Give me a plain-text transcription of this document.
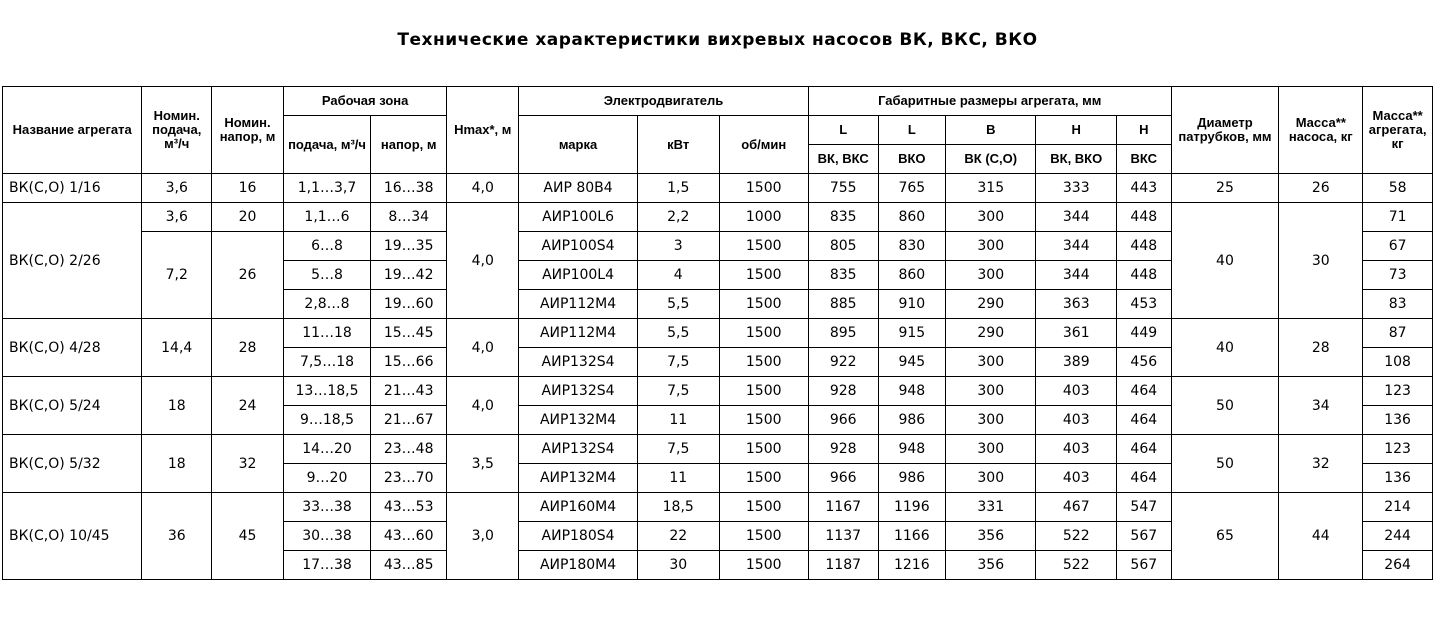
Технические характеристики вихревых насосов ВК, ВКС, ВКО
Название агрегата	Номин. подача, м³/ч	Номин. напор, м	Рабочая зона		Hmax*, м	Электродвигатель			Габаритные размеры агрегата, мм					Диаметр патрубков, мм	Масса** насоса, кг	Масса** агрегата, кг
			подача, м³/ч	напор, м		марка	кВт	об/мин	L	L	B	H	H			
									ВК, ВКС	ВКО	ВК (С,О)	ВК, ВКО	ВКС			
ВК(С,О) 1/16	3,6	16	1,1…3,7	16…38	4,0	АИР 80В4	1,5	1500	755	765	315	333	443	25	26	58
ВК(С,О) 2/26	3,6	20	1,1…6	8…34	4,0	АИР100L6	2,2	1000	835	860	300	344	448	40	30	71
	7,2	26	6…8	19…35		АИР100S4	3	1500	805	830	300	344	448			67
			5…8	19…42		АИР100L4	4	1500	835	860	300	344	448			73
			2,8…8	19…60		АИР112М4	5,5	1500	885	910	290	363	453			83
ВК(С,О) 4/28	14,4	28	11…18	15…45	4,0	АИР112М4	5,5	1500	895	915	290	361	449	40	28	87
			7,5…18	15…66		АИР132S4	7,5	1500	922	945	300	389	456			108
ВК(С,О) 5/24	18	24	13…18,5	21…43	4,0	АИР132S4	7,5	1500	928	948	300	403	464	50	34	123
			9…18,5	21…67		АИР132М4	11	1500	966	986	300	403	464			136
ВК(С,О) 5/32	18	32	14…20	23…48	3,5	АИР132S4	7,5	1500	928	948	300	403	464	50	32	123
			9…20	23…70		АИР132М4	11	1500	966	986	300	403	464			136
ВК(С,О) 10/45	36	45	33…38	43…53	3,0	АИР160М4	18,5	1500	1167	1196	331	467	547	65	44	214
			30…38	43…60		АИР180S4	22	1500	1137	1166	356	522	567			244
			17…38	43…85		АИР180М4	30	1500	1187	1216	356	522	567			264
